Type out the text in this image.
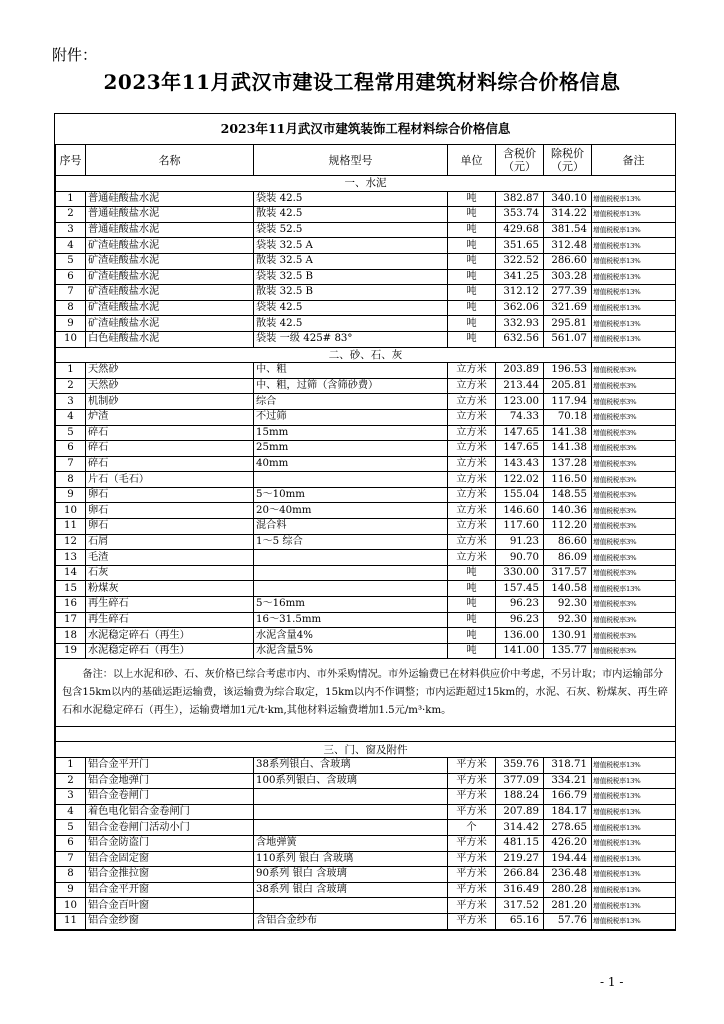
附件：
2023年11月武汉市建设工程常用建筑材料综合价格信息
2023年11月武汉市建筑装饰工程材料综合价格信息						
序号	名称	规格型号	单位	含税价（元）	除税价（元）	备注
一、水泥						
1	普通硅酸盐水泥	袋装 42.5	吨	382.87	340.10	增值税税率13%
2	普通硅酸盐水泥	散装 42.5	吨	353.74	314.22	增值税税率13%
3	普通硅酸盐水泥	袋装 52.5	吨	429.68	381.54	增值税税率13%
4	矿渣硅酸盐水泥	袋装 32.5 A	吨	351.65	312.48	增值税税率13%
5	矿渣硅酸盐水泥	散装 32.5 A	吨	322.52	286.60	增值税税率13%
6	矿渣硅酸盐水泥	袋装 32.5 B	吨	341.25	303.28	增值税税率13%
7	矿渣硅酸盐水泥	散装 32.5 B	吨	312.12	277.39	增值税税率13%
8	矿渣硅酸盐水泥	袋装 42.5	吨	362.06	321.69	增值税税率13%
9	矿渣硅酸盐水泥	散装 42.5	吨	332.93	295.81	增值税税率13%
10	白色硅酸盐水泥	袋装 一级 425# 83°	吨	632.56	561.07	增值税税率13%
二、砂、石、灰						
1	天然砂	中、粗	立方米	203.89	196.53	增值税税率3%
2	天然砂	中、粗，过筛（含筛砂费）	立方米	213.44	205.81	增值税税率3%
3	机制砂	综合	立方米	123.00	117.94	增值税税率3%
4	炉渣	不过筛	立方米	74.33	70.18	增值税税率3%
5	碎石	15mm	立方米	147.65	141.38	增值税税率3%
6	碎石	25mm	立方米	147.65	141.38	增值税税率3%
7	碎石	40mm	立方米	143.43	137.28	增值税税率3%
8	片石（毛石）		立方米	122.02	116.50	增值税税率3%
9	卵石	5～10mm	立方米	155.04	148.55	增值税税率3%
10	卵石	20～40mm	立方米	146.60	140.36	增值税税率3%
11	卵石	混合料	立方米	117.60	112.20	增值税税率3%
12	石屑	1～5 综合	立方米	91.23	86.60	增值税税率3%
13	毛渣		立方米	90.70	86.09	增值税税率3%
14	石灰		吨	330.00	317.57	增值税税率3%
15	粉煤灰		吨	157.45	140.58	增值税税率13%
16	再生碎石	5～16mm	吨	96.23	92.30	增值税税率3%
17	再生碎石	16～31.5mm	吨	96.23	92.30	增值税税率3%
18	水泥稳定碎石（再生）	水泥含量4%	吨	136.00	130.91	增值税税率3%
19	水泥稳定碎石（再生）	水泥含量5%	吨	141.00	135.77	增值税税率3%
备注：以上水泥和砂、石、灰价格已综合考虑市内、市外采购情况。市外运输费已在材料供应价中考虑，不另计取；市内运输部分包含15km以内的基础运距运输费，该运输费为综合取定，15km以内不作调整；市内运距超过15km的，水泥、石灰、粉煤灰、再生碎石和水泥稳定碎石（再生），运输费增加1元/t·km,其他材料运输费增加1.5元/m³·km。						

三、门、窗及附件						
1	铝合金平开门	38系列银白、含玻璃	平方米	359.76	318.71	增值税税率13%
2	铝合金地弹门	100系列银白、含玻璃	平方米	377.09	334.21	增值税税率13%
3	铝合金卷闸门		平方米	188.24	166.79	增值税税率13%
4	着色电化铝合金卷闸门		平方米	207.89	184.17	增值税税率13%
5	铝合金卷闸门活动小门		个	314.42	278.65	增值税税率13%
6	铝合金防盗门	含地弹簧	平方米	481.15	426.20	增值税税率13%
7	铝合金固定窗	110系列 银白 含玻璃	平方米	219.27	194.44	增值税税率13%
8	铝合金推拉窗	90系列 银白 含玻璃	平方米	266.84	236.48	增值税税率13%
9	铝合金平开窗	38系列 银白 含玻璃	平方米	316.49	280.28	增值税税率13%
10	铝合金百叶窗		平方米	317.52	281.20	增值税税率13%
11	铝合金纱窗	含铝合金纱布	平方米	65.16	57.76	增值税税率13%
- 1 -
